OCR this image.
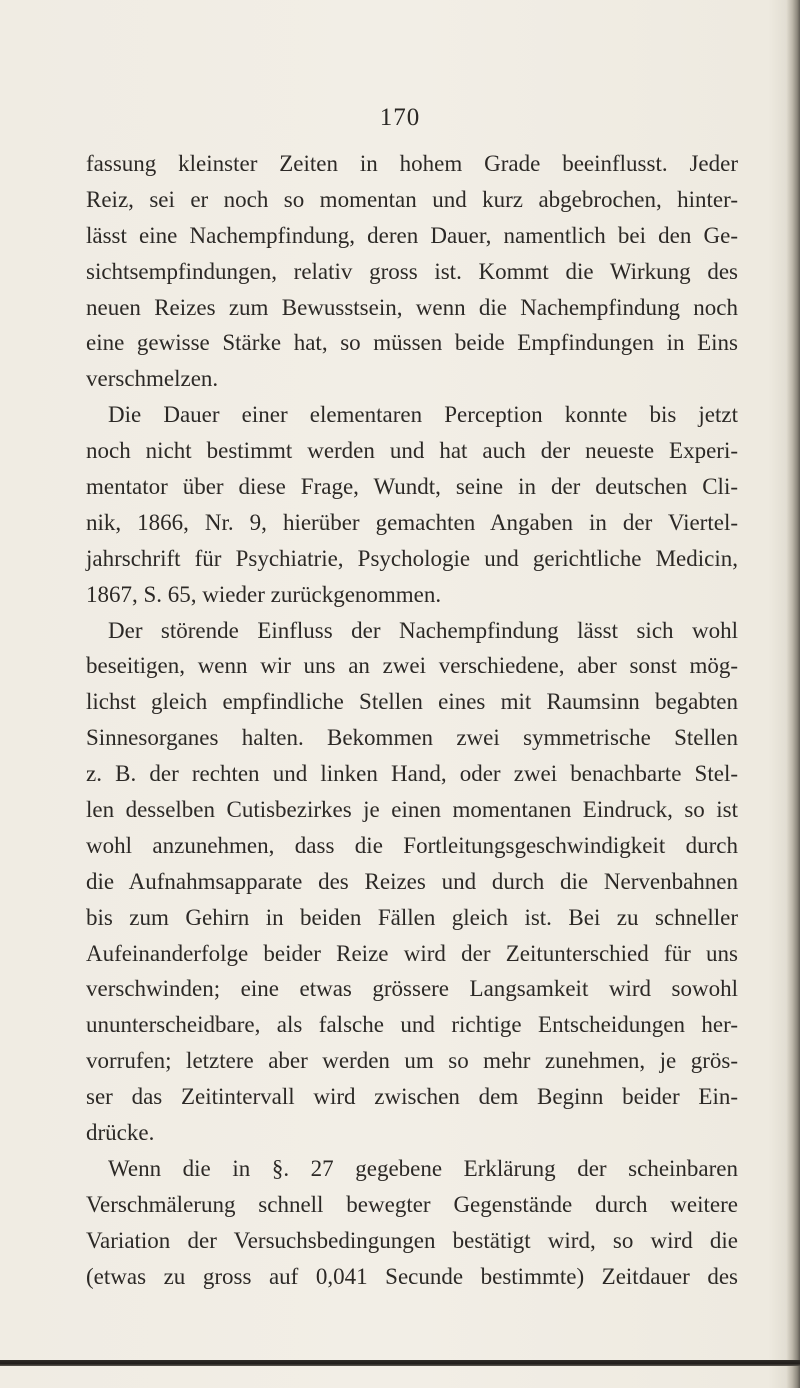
170
fassung kleinster Zeiten in hohem Grade beeinflusst. Jeder
Reiz, sei er noch so momentan und kurz abgebrochen, hinter-
lässt eine Nachempfindung, deren Dauer, namentlich bei den Ge-
sichtsempfindungen, relativ gross ist. Kommt die Wirkung des
neuen Reizes zum Bewusstsein, wenn die Nachempfindung noch
eine gewisse Stärke hat, so müssen beide Empfindungen in Eins
verschmelzen.
Die Dauer einer elementaren Perception konnte bis jetzt
noch nicht bestimmt werden und hat auch der neueste Experi-
mentator über diese Frage, Wundt, seine in der deutschen Cli-
nik, 1866, Nr. 9, hierüber gemachten Angaben in der Viertel-
jahrschrift für Psychiatrie, Psychologie und gerichtliche Medicin,
1867, S. 65, wieder zurückgenommen.
Der störende Einfluss der Nachempfindung lässt sich wohl
beseitigen, wenn wir uns an zwei verschiedene, aber sonst mög-
lichst gleich empfindliche Stellen eines mit Raumsinn begabten
Sinnesorganes halten. Bekommen zwei symmetrische Stellen
z. B. der rechten und linken Hand, oder zwei benachbarte Stel-
len desselben Cutisbezirkes je einen momentanen Eindruck, so ist
wohl anzunehmen, dass die Fortleitungsgeschwindigkeit durch
die Aufnahmsapparate des Reizes und durch die Nervenbahnen
bis zum Gehirn in beiden Fällen gleich ist. Bei zu schneller
Aufeinanderfolge beider Reize wird der Zeitunterschied für uns
verschwinden; eine etwas grössere Langsamkeit wird sowohl
ununterscheidbare, als falsche und richtige Entscheidungen her-
vorrufen; letztere aber werden um so mehr zunehmen, je grös-
ser das Zeitintervall wird zwischen dem Beginn beider Ein-
drücke.
Wenn die in §. 27 gegebene Erklärung der scheinbaren
Verschmälerung schnell bewegter Gegenstände durch weitere
Variation der Versuchsbedingungen bestätigt wird, so wird die
(etwas zu gross auf 0,041 Secunde bestimmte) Zeitdauer des
